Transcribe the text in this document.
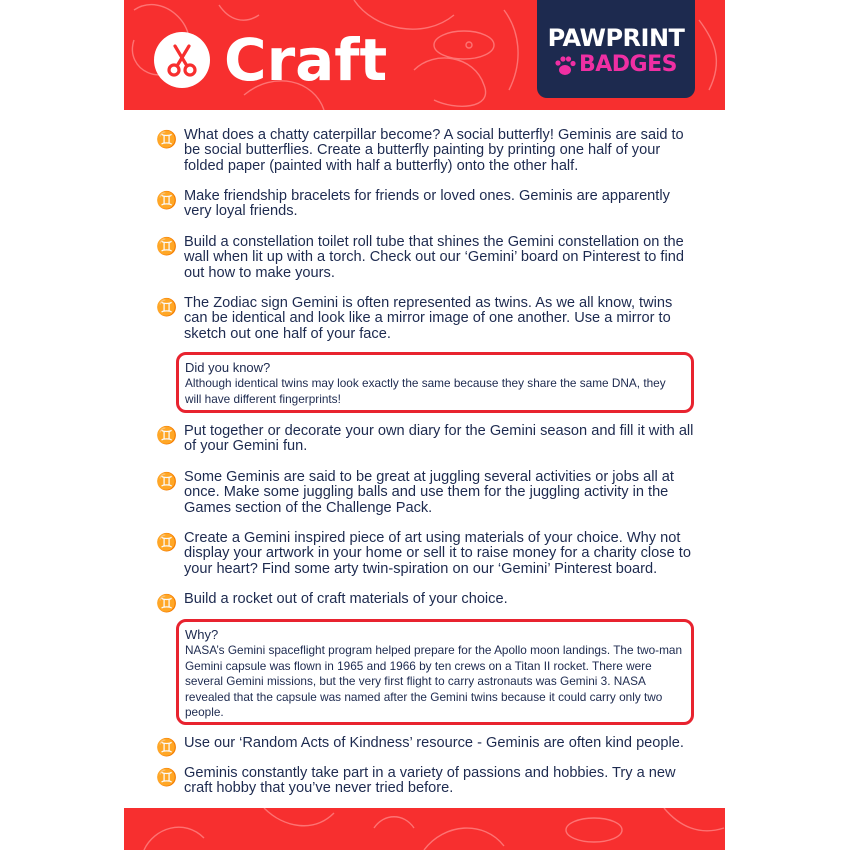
Craft	PAWPRINT
BADGES
♊ What does a chatty caterpillar become? A social butterfly! Geminis are said to be social butterflies. Create a butterfly painting by printing one half of your folded paper (painted with half a butterfly) onto the other half.

♊ Make friendship bracelets for friends or loved ones. Geminis are apparently very loyal friends.

♊ Build a constellation toilet roll tube that shines the Gemini constellation on the wall when lit up with a torch. Check out our ‘Gemini’ board on Pinterest to find out how to make yours.

♊ The Zodiac sign Gemini is often represented as twins. As we all know, twins can be identical and look like a mirror image of one another. Use a mirror to sketch out one half of your face.

Did you know?

Although identical twins may look exactly the same because they share the same DNA, they will have different fingerprints!

♊ Put together or decorate your own diary for the Gemini season and fill it with all of your Gemini fun.

♊ Some Geminis are said to be great at juggling several activities or jobs all at once. Make some juggling balls and use them for the juggling activity in the Games section of the Challenge Pack.

♊ Create a Gemini inspired piece of art using materials of your choice. Why not display your artwork in your home or sell it to raise money for a charity close to your heart? Find some arty twin-spiration on our ‘Gemini’ Pinterest board.

♊ Build a rocket out of craft materials of your choice.

Why?

NASA’s Gemini spaceflight program helped prepare for the Apollo moon landings. The two-man Gemini capsule was flown in 1965 and 1966 by ten crews on a Titan II rocket. There were several Gemini missions, but the very first flight to carry astronauts was Gemini 3. NASA revealed that the capsule was named after the Gemini twins because it could carry only two people.

♊ Use our ‘Random Acts of Kindness’ resource - Geminis are often kind people.

♊ Geminis constantly take part in a variety of passions and hobbies. Try a new craft hobby that you’ve never tried before.
